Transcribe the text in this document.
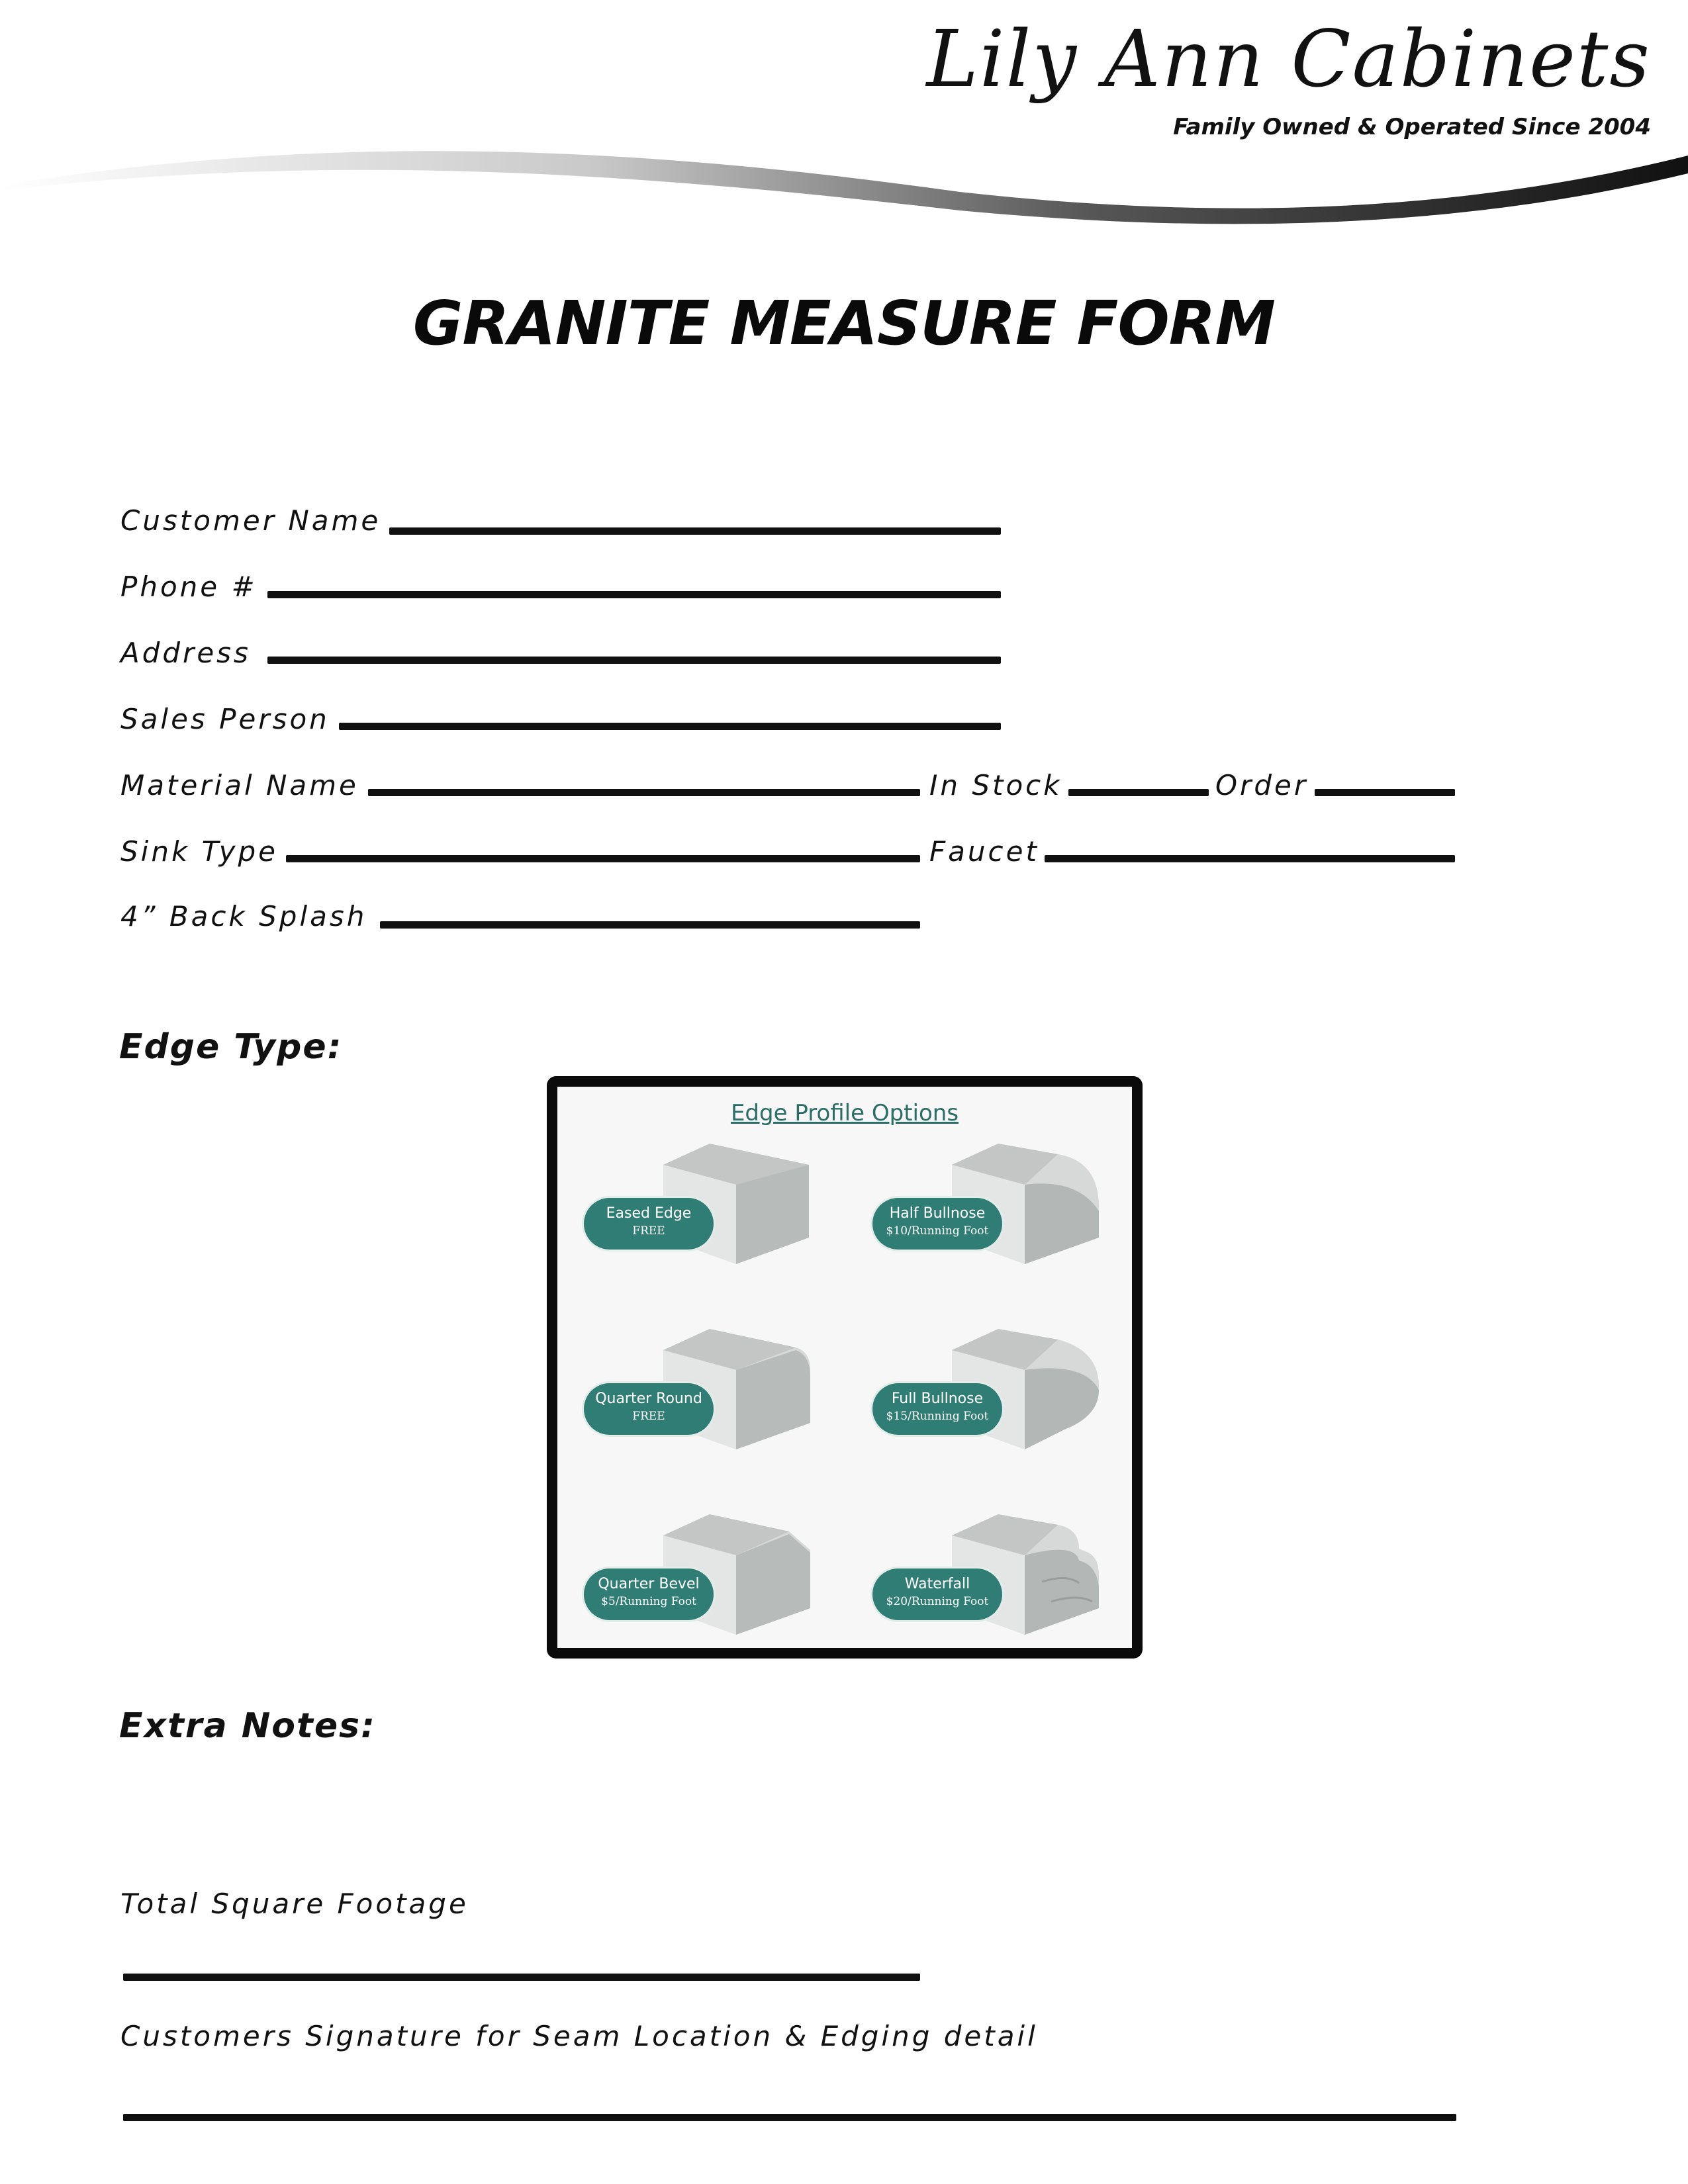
Lily Ann Cabinets
Family Owned & Operated Since 2004
GRANITE MEASURE FORM
Customer Name
Phone #
Address
Sales Person
Material Name	In Stock	Order
Sink Type	Faucet
4” Back Splash
Edge Type:
Edge Profile Options
Eased Edge
FREE
Half Bullnose
$10/Running Foot
Quarter Round
FREE
Full Bullnose
$15/Running Foot
Quarter Bevel
$5/Running Foot
Waterfall
$20/Running Foot
Extra Notes:
Total Square Footage
Customers Signature for Seam Location & Edging detail
